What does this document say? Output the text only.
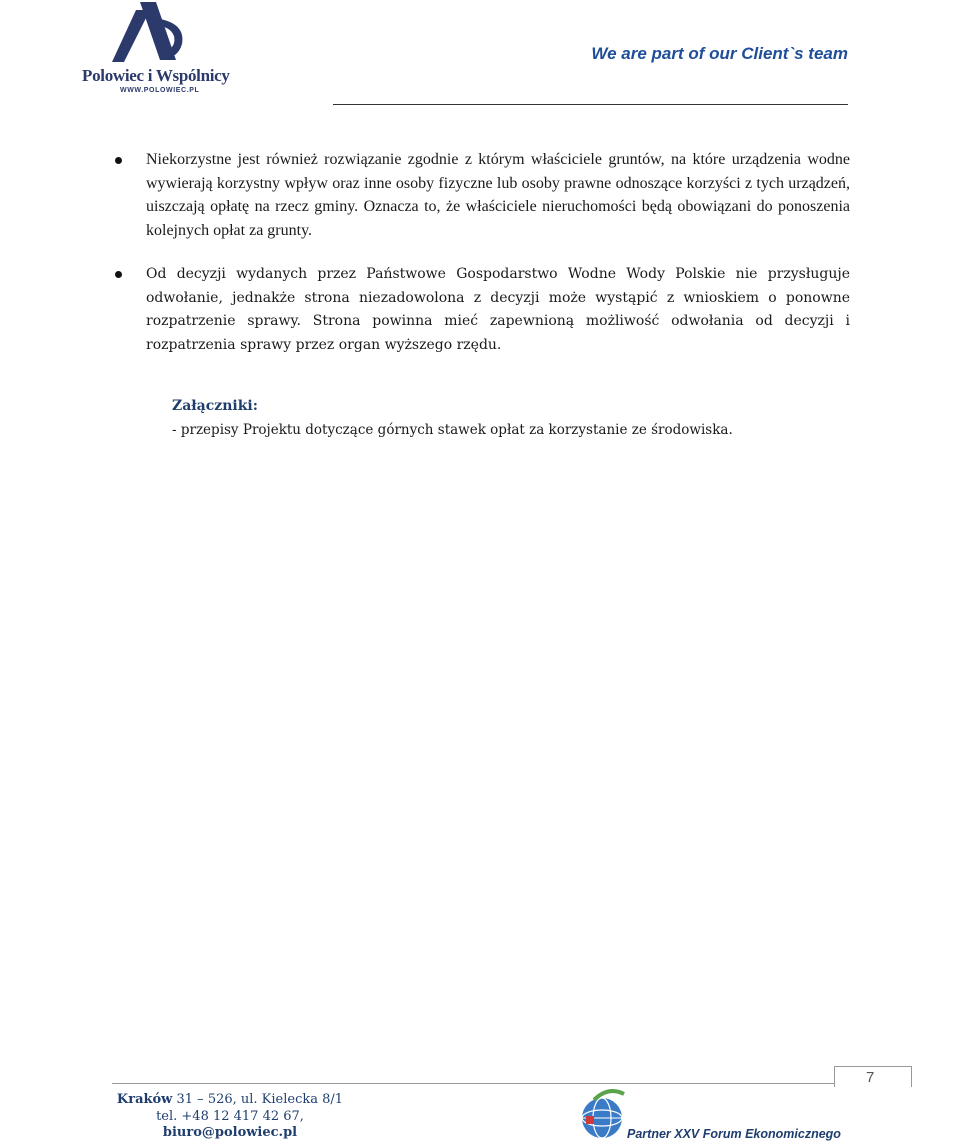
Polowiec i Wspólnicy
WWW.POLOWIEC.PL
We are part of our Client`s team
Niekorzystne jest również rozwiązanie zgodnie z którym właściciele gruntów, na które urządzenia wodne wywierają korzystny wpływ oraz inne osoby fizyczne lub osoby prawne odnoszące korzyści z tych urządzeń, uiszczają opłatę na rzecz gminy. Oznacza to, że właściciele nieruchomości będą obowiązani do ponoszenia kolejnych opłat za grunty.
Od decyzji wydanych przez Państwowe Gospodarstwo Wodne Wody Polskie nie przysługuje odwołanie, jednakże strona niezadowolona z decyzji może wystąpić z wnioskiem o ponowne rozpatrzenie sprawy. Strona powinna mieć zapewnioną możliwość odwołania od decyzji i rozpatrzenia sprawy przez organ wyższego rzędu.
Załączniki:
- przepisy Projektu dotyczące górnych stawek opłat za korzystanie ze środowiska.
7
Kraków 31 – 526, ul. Kielecka 8/1
tel. +48 12 417 42 67,
biuro@polowiec.pl	Partner XXV Forum Ekonomicznego
